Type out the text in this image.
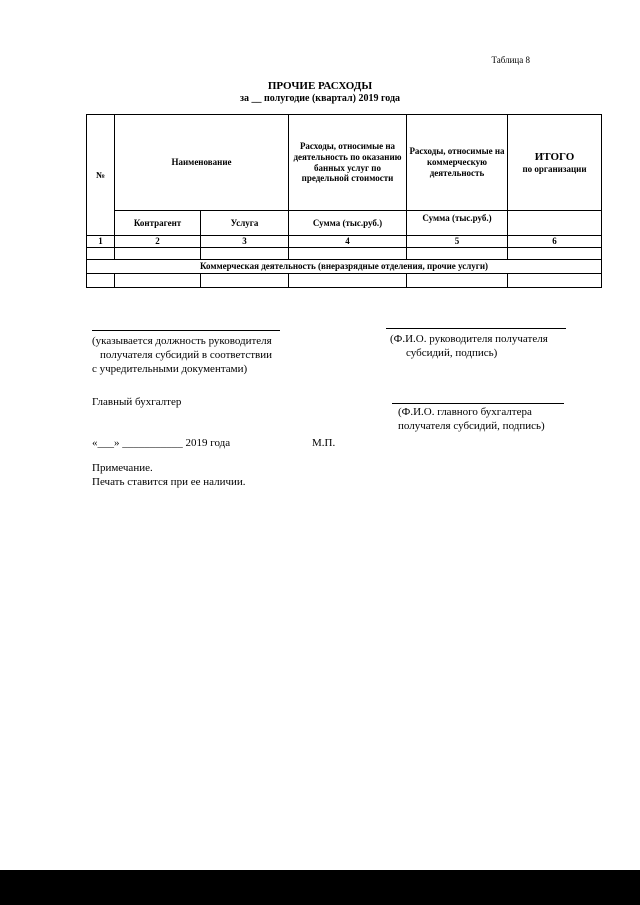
Таблица 8
ПРОЧИЕ РАСХОДЫ
за __ полугодие (квартал) 2019 года
№	Наименование		Расходы, относимые на деятельность по оказанию банных услуг по предельной стоимости	Расходы, относимые на коммерческую деятельность	ИТОГО
по организации

	Контрагент	Услуга	Сумма (тыс.руб.)	Сумма (тыс.руб.)	
1	2	3	4	5	6

Коммерческая деятельность (внеразрядные отделения, прочие услуги)					

(указывается должность руководителя
получателя субсидий в соответствии
с учредительными документами)
(Ф.И.О. руководителя получателя
субсидий, подпись)
Главный бухгалтер
(Ф.И.О. главного бухгалтера
получателя субсидий, подпись)
«___» ___________ 2019 года	М.П.
Примечание.
Печать ставится при ее наличии.
